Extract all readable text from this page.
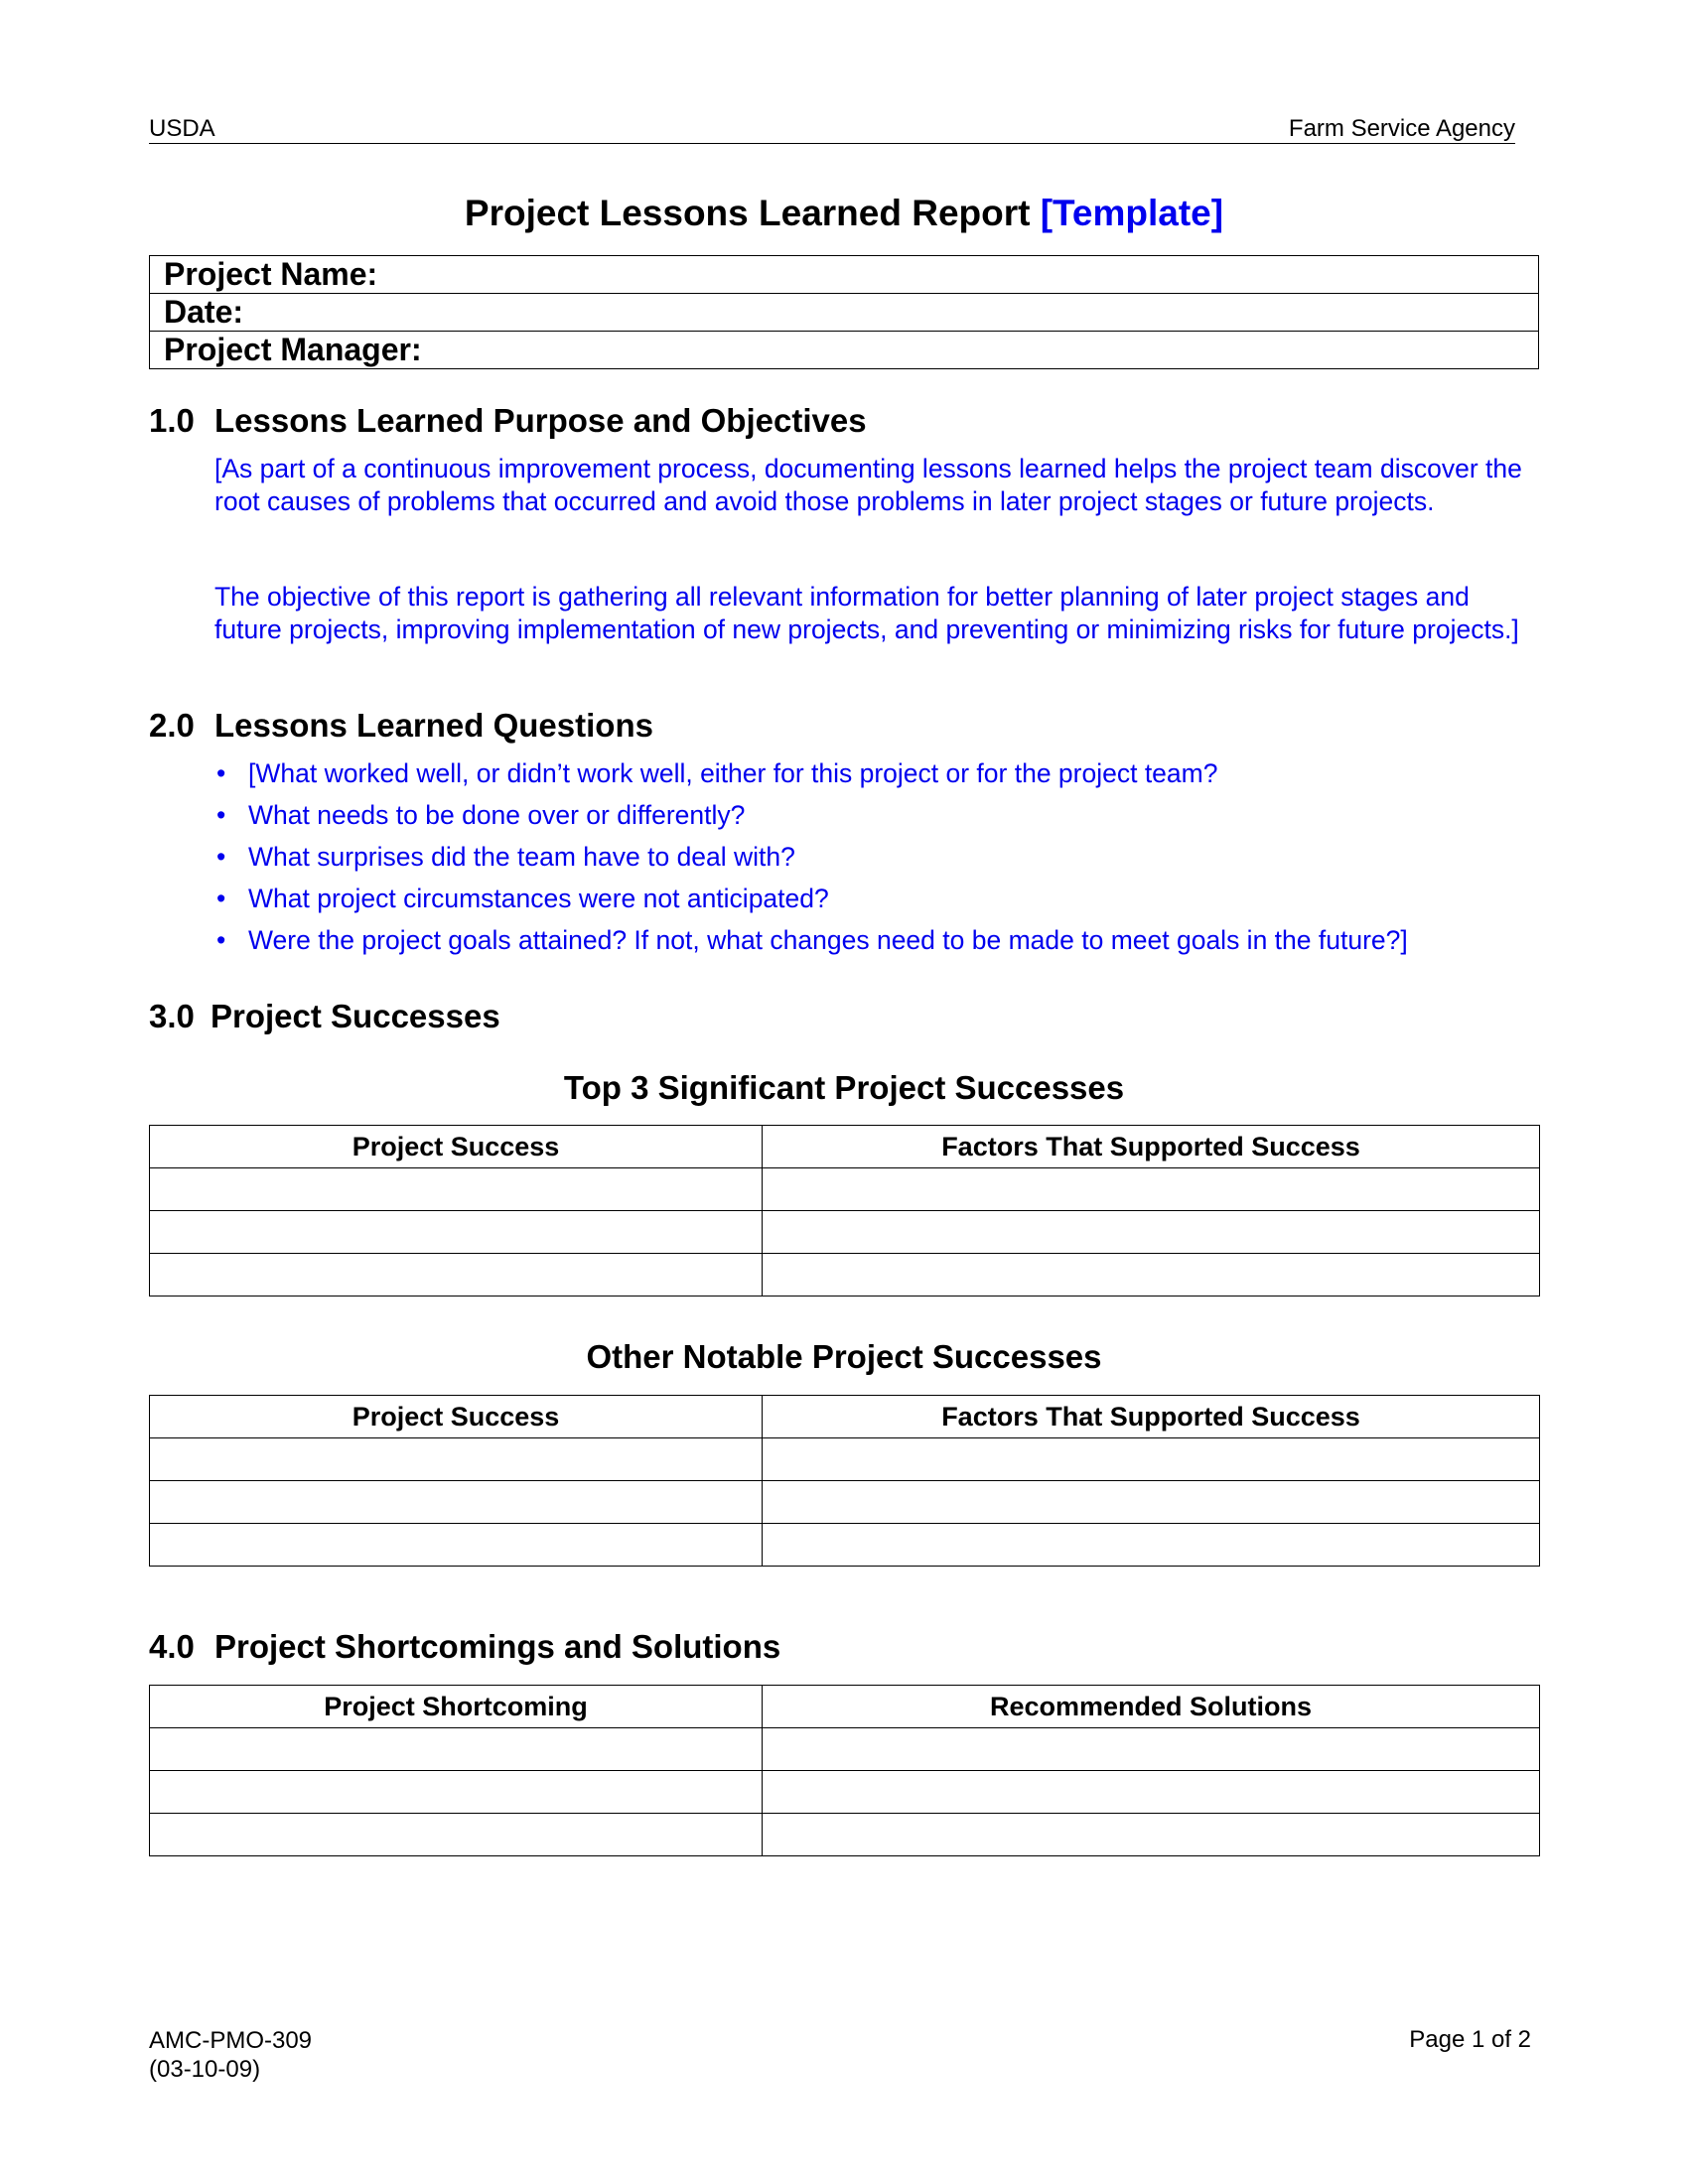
USDA	Farm Service Agency
Project Lessons Learned Report [Template]
Project Name:
Date:
Project Manager:
1.0 Lessons Learned Purpose and Objectives
[As part of a continuous improvement process, documenting lessons learned helps the project team discover the root causes of problems that occurred and avoid those problems in later project stages or future projects.
The objective of this report is gathering all relevant information for better planning of later project stages and future projects, improving implementation of new projects, and preventing or minimizing risks for future projects.]
2.0 Lessons Learned Questions
• [What worked well, or didn’t work well, either for this project or for the project team?
• What needs to be done over or differently?
• What surprises did the team have to deal with?
• What project circumstances were not anticipated?
• Were the project goals attained? If not, what changes need to be made to meet goals in the future?]
3.0 Project Successes
Top 3 Significant Project Successes
Project Success	Factors That Supported Success

Other Notable Project Successes
Project Success	Factors That Supported Success

4.0 Project Shortcomings and Solutions
Project Shortcoming	Recommended Solutions

AMC-PMO-309
(03-10-09)
Page 1 of 2
